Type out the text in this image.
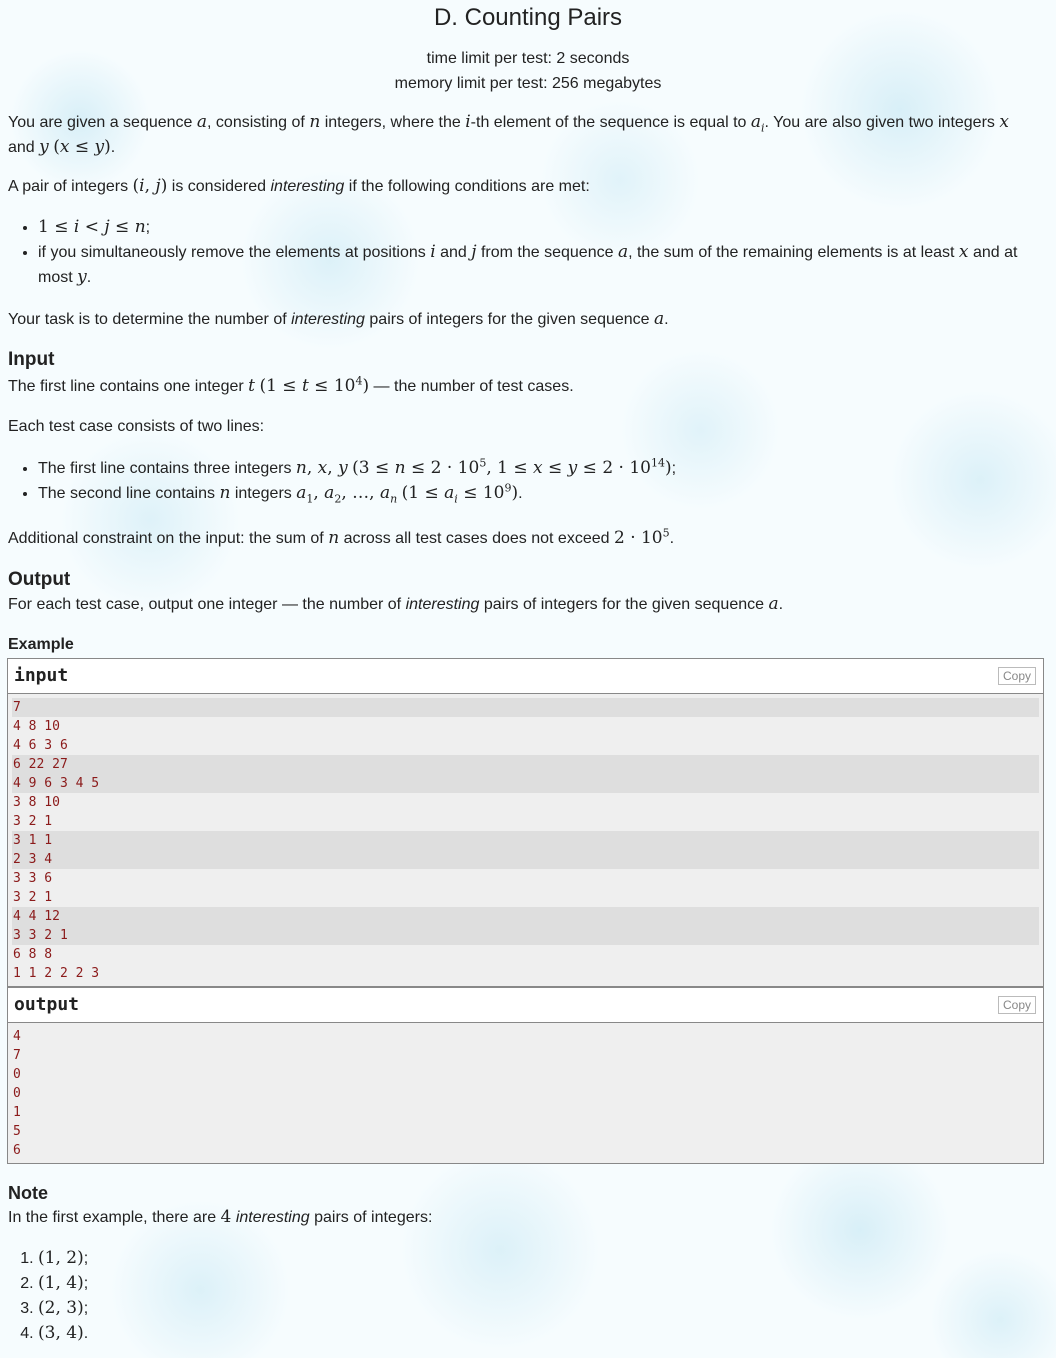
D. Counting Pairs
time limit per test: 2 seconds
memory limit per test: 256 megabytes
You are given a sequence a, consisting of n integers, where the i-th element of the sequence is equal to $a_i$. You are also given two integers x and y (x ≤ y).
A pair of integers (i, j) is considered interesting if the following conditions are met:
• 1 ≤ i < j ≤ n;
• if you simultaneously remove the elements at positions i and j from the sequence a, the sum of the remaining elements is at least x and at most y.
Your task is to determine the number of interesting pairs of integers for the given sequence a.
Input
The first line contains one integer t $(1 \le t \le 10^4)$ — the number of test cases.
Each test case consists of two lines:
• The first line contains three integers n, x, y ($3 \le n \le 2 \cdot 10^5$, $1 \le x \le y \le 2 \cdot 10^{14}$);
• The second line contains n integers $a_1$, $a_2$, …, $a_n$ $(1 \le a_i \le 10^9)$.
Additional constraint on the input: the sum of n across all test cases does not exceed $2 \cdot 10^5$.
Output
For each test case, output one integer — the number of interesting pairs of integers for the given sequence a.
Example
input	Copy
7
4 8 10
4 6 3 6
6 22 27
4 9 6 3 4 5
3 8 10
3 2 1
3 1 1
2 3 4
3 3 6
3 2 1
4 4 12
3 3 2 1
6 8 8
1 1 2 2 2 3
output	Copy
4
7
0
0
1
5
6
Note
In the first example, there are 4 interesting pairs of integers:
1. (1, 2);
2. (1, 4);
3. (2, 3);
4. (3, 4).
